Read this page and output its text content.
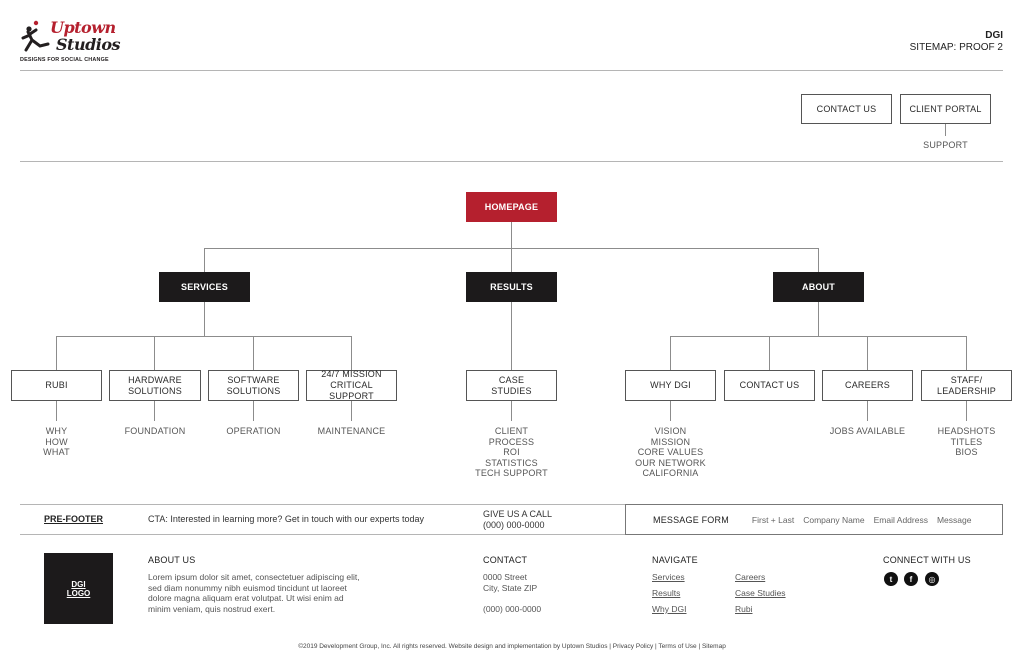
Uptown
Studios
DESIGNS FOR SOCIAL CHANGE
DGI
SITEMAP: PROOF 2
CONTACT US	CLIENT PORTAL
SUPPORT
HOMEPAGE
SERVICES	RESULTS	ABOUT
RUBI
HARDWARE
SOLUTIONS
SOFTWARE
SOLUTIONS
24/7 MISSION
CRITICAL SUPPORT
CASE
STUDIES
WHY DGI	CONTACT US	CAREERS
STAFF/
LEADERSHIP
WHY
HOW
WHAT
FOUNDATION	OPERATION	MAINTENANCE	CLIENT
PROCESS
ROI
STATISTICS
TECH SUPPORT
VISION
MISSION
CORE VALUES
OUR NETWORK
CALIFORNIA
JOBS AVAILABLE	HEADSHOTS
TITLES
BIOS
PRE-FOOTER	CTA: Interested in learning more? Get in touch with our experts today	GIVE US A CALL
(000) 000-0000	MESSAGE FORM	First + Last Company Name Email Address Message
DGI
LOGO
ABOUT US
Lorem ipsum dolor sit amet, consectetuer adipiscing elit,
sed diam nonummy nibh euismod tincidunt ut laoreet
dolore magna aliquam erat volutpat. Ut wisi enim ad
minim veniam, quis nostrud exert.
CONTACT
0000 Street
City, State ZIP
(000) 000-0000
NAVIGATE
Services
Results
Why DGI
Careers
Case Studies
Rubi
CONNECT WITH US
t	f	◎
©2019 Development Group, Inc. All rights reserved. Website design and implementation by Uptown Studios | Privacy Policy | Terms of Use | Sitemap
